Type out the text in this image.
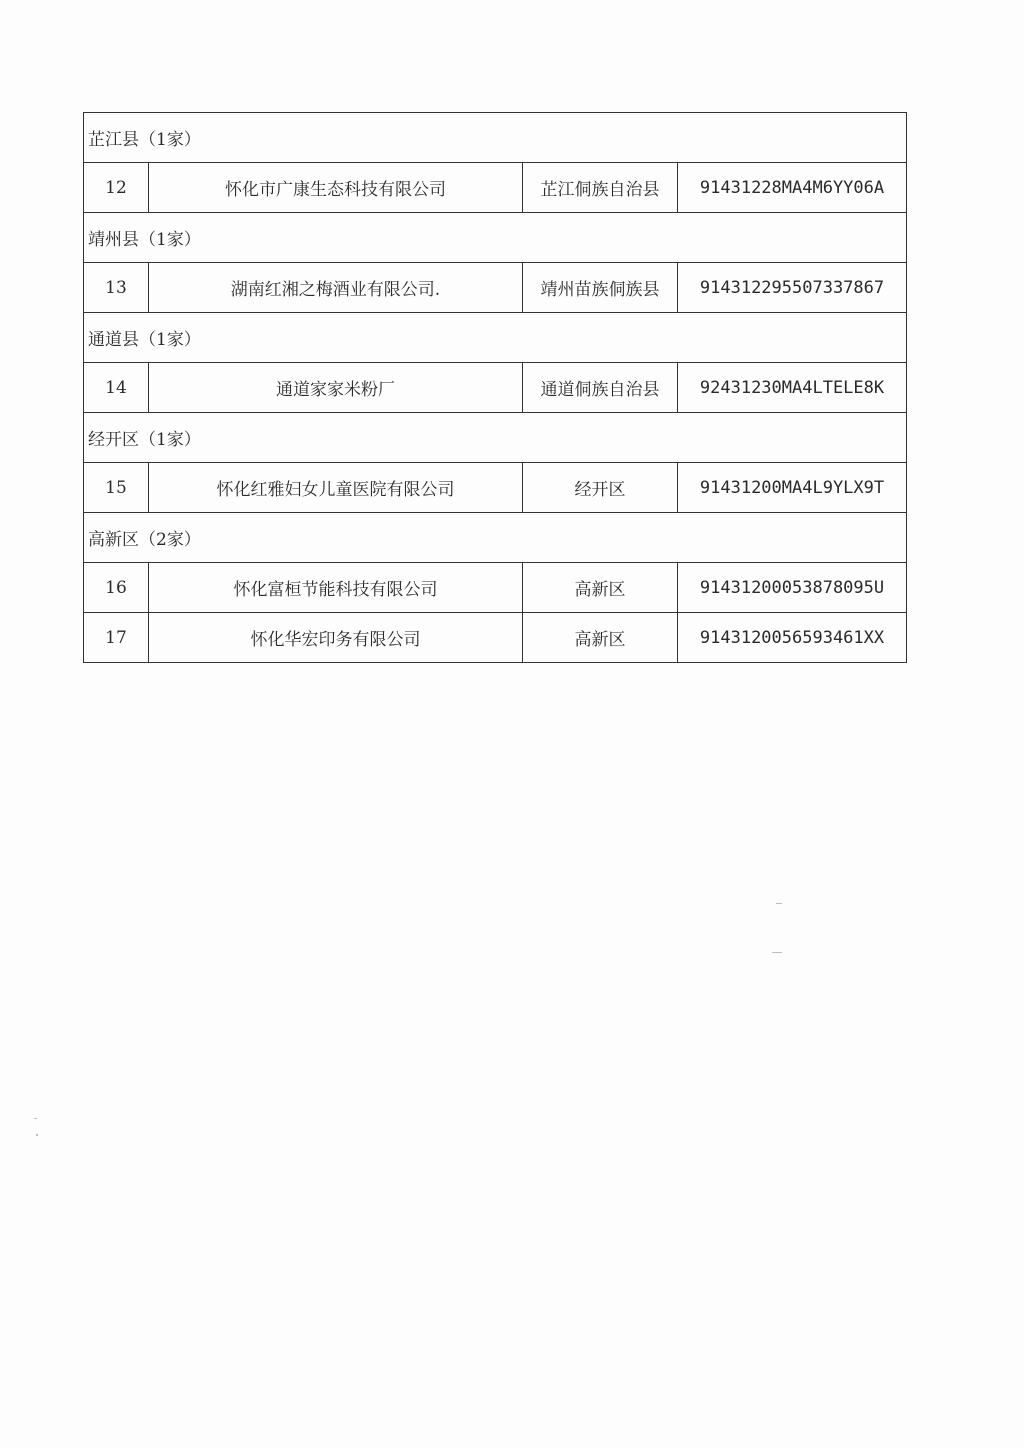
芷江县（1家）			
12	怀化市广康生态科技有限公司	芷江侗族自治县	91431228MA4M6YY06A
靖州县（1家）			
13	湖南红湘之梅酒业有限公司.	靖州苗族侗族县	914312295507337867
通道县（1家）			
14	通道家家米粉厂	通道侗族自治县	92431230MA4LTELE8K
经开区（1家）			
15	怀化红雅妇女儿童医院有限公司	经开区	91431200MA4L9YLX9T
高新区（2家）			
16	怀化富桓节能科技有限公司	高新区	91431200053878095U
17	怀化华宏印务有限公司	高新区	9143120056593461XX
